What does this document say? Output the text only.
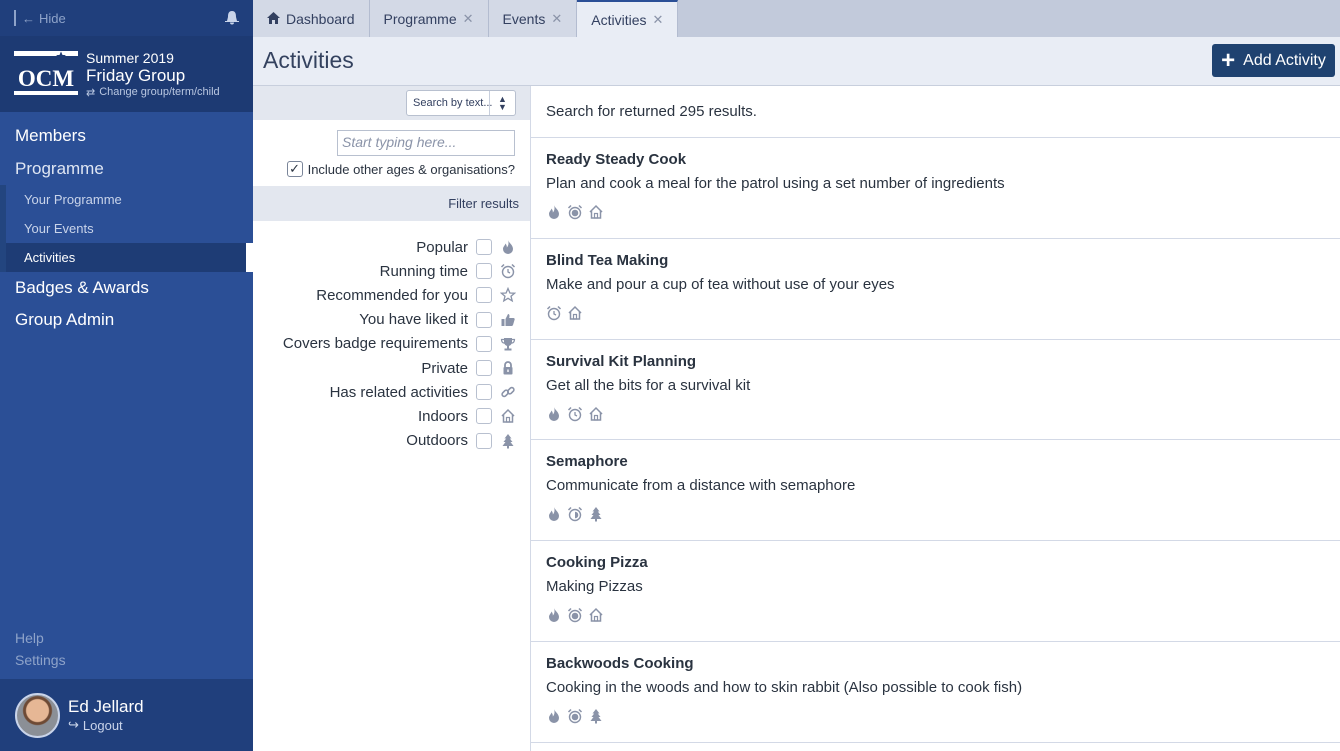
← Hide
OCM
Summer 2019
Friday Group
⇄ Change group/term/child
Members
Programme
Your Programme
Your Events
Activities
Badges & Awards
Group Admin
Help
Settings
Ed Jellard
↪ Logout
Dashboard Programme ✕ Events ✕ Activities ✕
Activities	+ Add Activity
Search by text... ▲
▼
Start typing here...
✓ Include other ages & organisations?
Filter results
Popular
Running time
Recommended for you
You have liked it
Covers badge requirements
Private
Has related activities
Indoors
Outdoors
Search for returned 295 results.
Ready Steady Cook
Plan and cook a meal for the patrol using a set number of ingredients
Blind Tea Making
Make and pour a cup of tea without use of your eyes
Survival Kit Planning
Get all the bits for a survival kit
Semaphore
Communicate from a distance with semaphore
Cooking Pizza
Making Pizzas
Backwoods Cooking
Cooking in the woods and how to skin rabbit (Also possible to cook fish)
